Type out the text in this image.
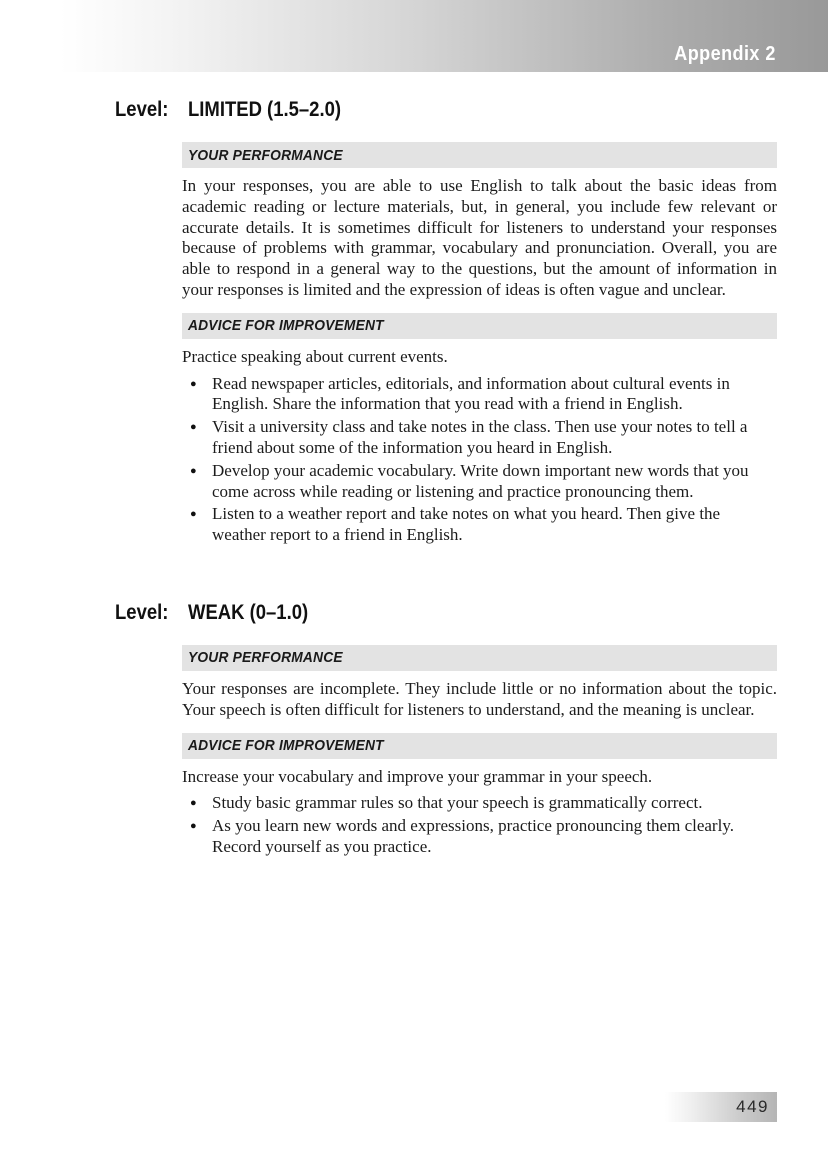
Appendix 2
Level: LIMITED (1.5–2.0)
YOUR PERFORMANCE

In your responses, you are able to use English to talk about the basic ideas from academic reading or lecture materials, but, in general, you include few relevant or accurate details. It is sometimes difficult for listeners to understand your responses because of problems with grammar, vocabulary and pronunciation. Overall, you are able to respond in a general way to the questions, but the amount of information in your responses is limited and the expression of ideas is often vague and unclear.

ADVICE FOR IMPROVEMENT

Practice speaking about current events.

● Read newspaper articles, editorials, and information about cultural events in English. Share the information that you read with a friend in English.
● Visit a university class and take notes in the class. Then use your notes to tell a friend about some of the information you heard in English.
● Develop your academic vocabulary. Write down important new words that you come across while reading or listening and practice pronouncing them.
● Listen to a weather report and take notes on what you heard. Then give the weather report to a friend in English.
Level: WEAK (0–1.0)
YOUR PERFORMANCE

Your responses are incomplete. They include little or no information about the topic. Your speech is often difficult for listeners to understand, and the meaning is unclear.

ADVICE FOR IMPROVEMENT

Increase your vocabulary and improve your grammar in your speech.

● Study basic grammar rules so that your speech is grammatically correct.
● As you learn new words and expressions, practice pronouncing them clearly. Record yourself as you practice.
449
